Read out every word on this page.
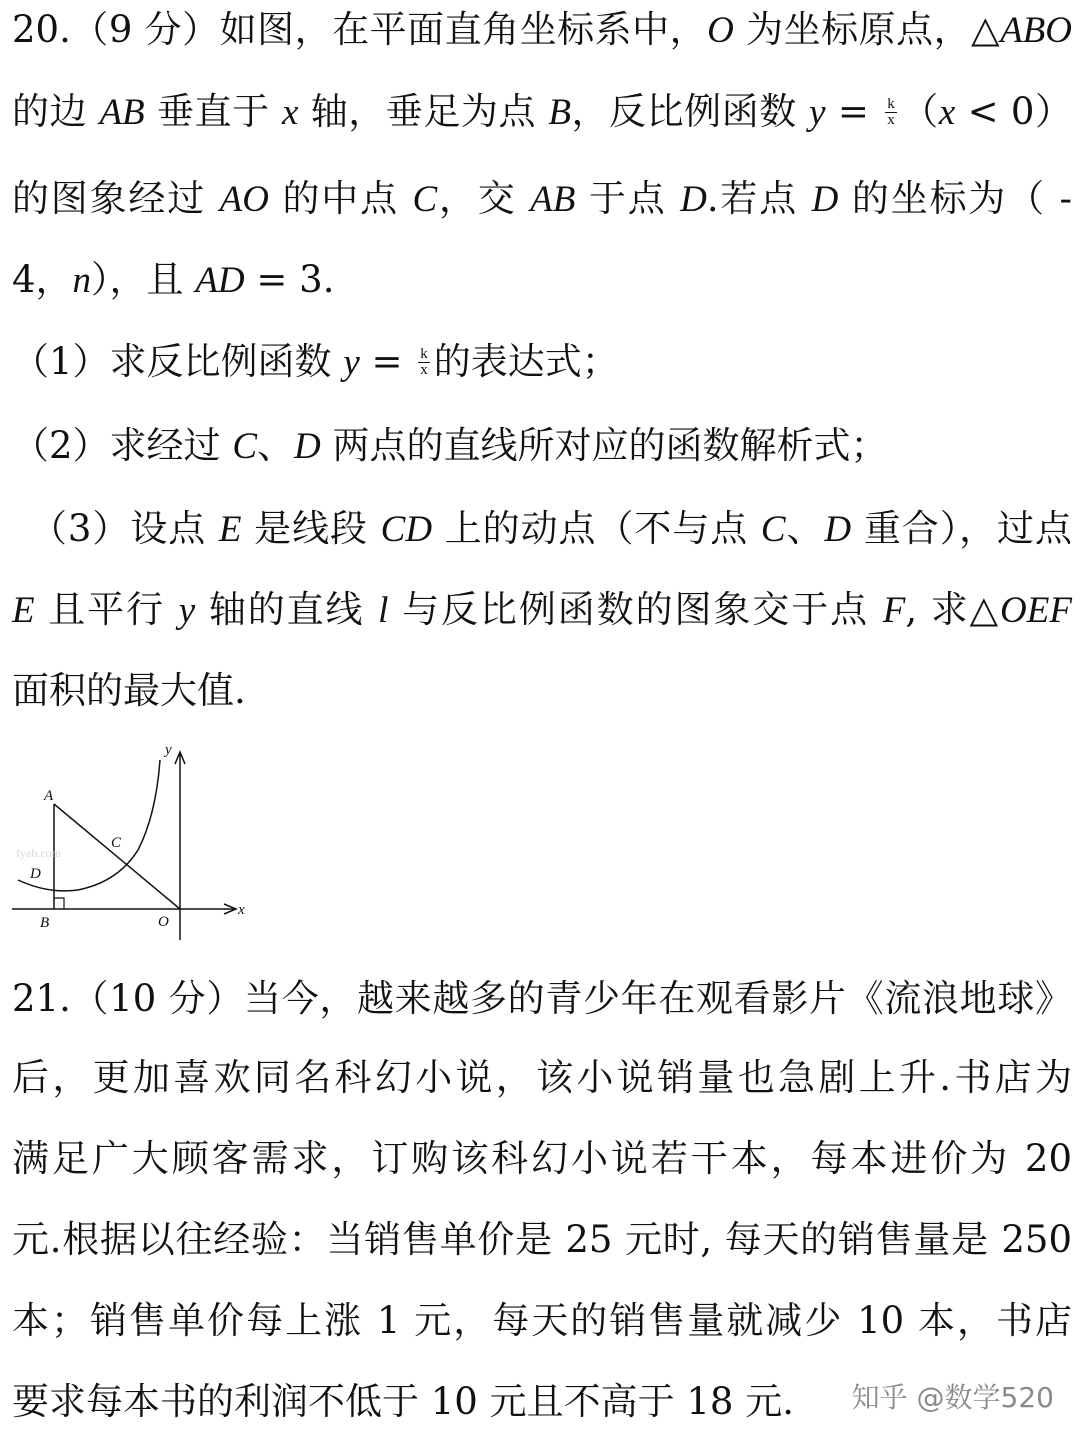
20.（9 分）如图，在平面直角坐标系中，O 为坐标原点，△ABO
的边 AB 垂直于 x 轴，垂足为点 B，反比例函数 $y = \frac{k}{x} (x < 0)$
的图象经过 AO 的中点 C，交 AB 于点 D.若点 D 的坐标为（ -
4，n），且 AD = 3.
（1）求反比例函数 $y = \frac{k}{x}$ 的表达式；
（2）求经过 C、D 两点的直线所对应的函数解析式；
（3）设点 E 是线段 CD 上的动点（不与点 C、D 重合），过点
E 且平行 y 轴的直线 l 与反比例函数的图象交于点 F, 求△OEF
面积的最大值.
y
x
A
B
C
D
O
fyab.com
21.（10 分）当今，越来越多的青少年在观看影片《流浪地球》
后，更加喜欢同名科幻小说，该小说销量也急剧上升.书店为
满足广大顾客需求，订购该科幻小说若干本，每本进价为 20
元.根据以往经验：当销售单价是 25 元时, 每天的销售量是 250
本；销售单价每上涨 1 元，每天的销售量就减少 10 本，书店
要求每本书的利润不低于 10 元且不高于 18 元.	知乎 @数学520
